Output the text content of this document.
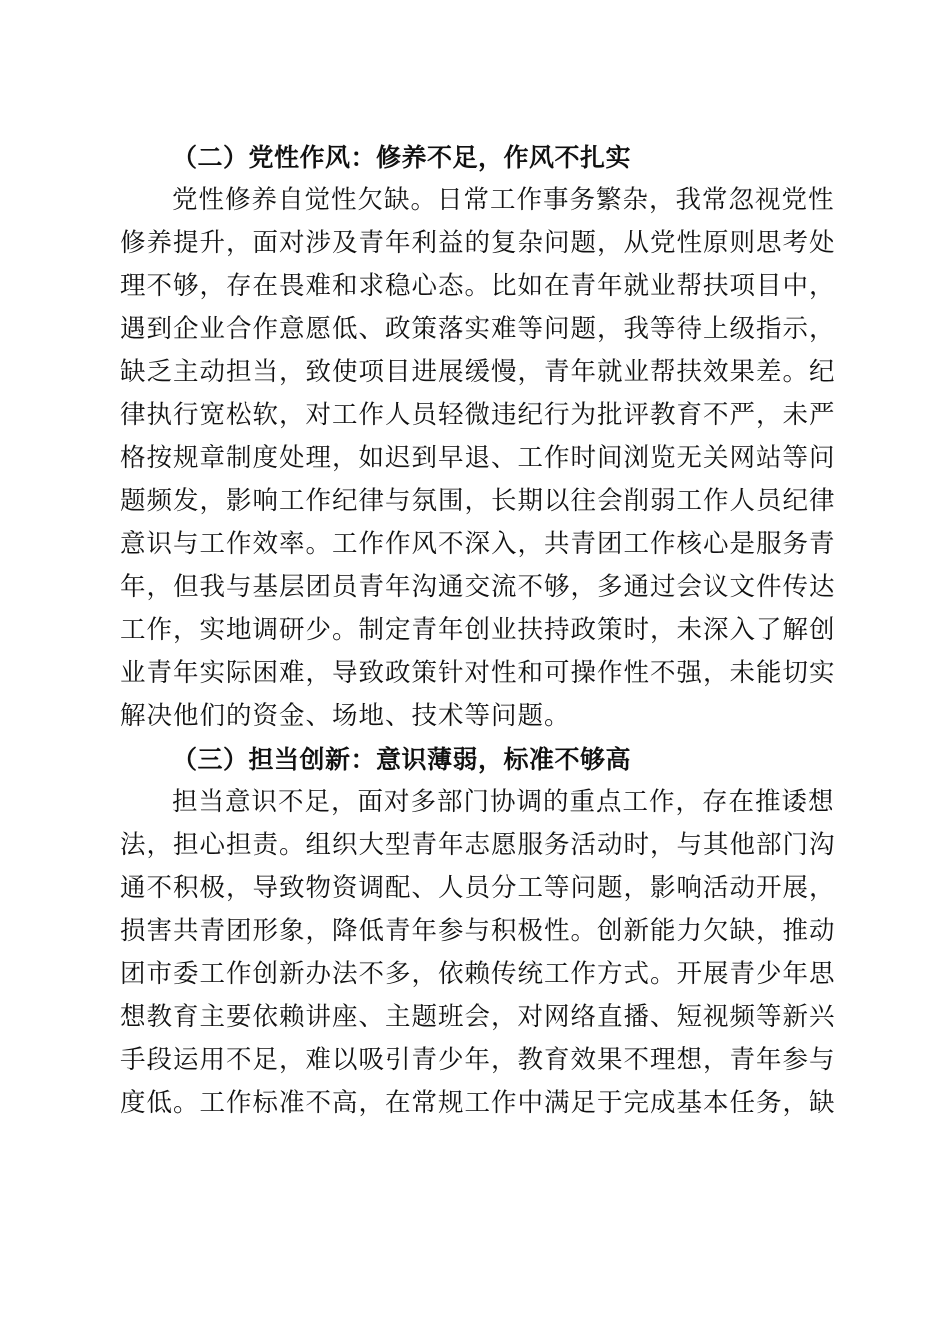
（二）党性作风：修养不足，作风不扎实
党性修养自觉性欠缺。日常工作事务繁杂，我常忽视党性
修养提升，面对涉及青年利益的复杂问题，从党性原则思考处
理不够，存在畏难和求稳心态。比如在青年就业帮扶项目中，
遇到企业合作意愿低、政策落实难等问题，我等待上级指示，
缺乏主动担当，致使项目进展缓慢，青年就业帮扶效果差。纪
律执行宽松软，对工作人员轻微违纪行为批评教育不严，未严
格按规章制度处理，如迟到早退、工作时间浏览无关网站等问
题频发，影响工作纪律与氛围，长期以往会削弱工作人员纪律
意识与工作效率。工作作风不深入，共青团工作核心是服务青
年，但我与基层团员青年沟通交流不够，多通过会议文件传达
工作，实地调研少。制定青年创业扶持政策时，未深入了解创
业青年实际困难，导致政策针对性和可操作性不强，未能切实
解决他们的资金、场地、技术等问题。
（三）担当创新：意识薄弱，标准不够高
担当意识不足，面对多部门协调的重点工作，存在推诿想
法，担心担责。组织大型青年志愿服务活动时，与其他部门沟
通不积极，导致物资调配、人员分工等问题，影响活动开展，
损害共青团形象，降低青年参与积极性。创新能力欠缺，推动
团市委工作创新办法不多，依赖传统工作方式。开展青少年思
想教育主要依赖讲座、主题班会，对网络直播、短视频等新兴
手段运用不足，难以吸引青少年，教育效果不理想，青年参与
度低。工作标准不高，在常规工作中满足于完成基本任务，缺
